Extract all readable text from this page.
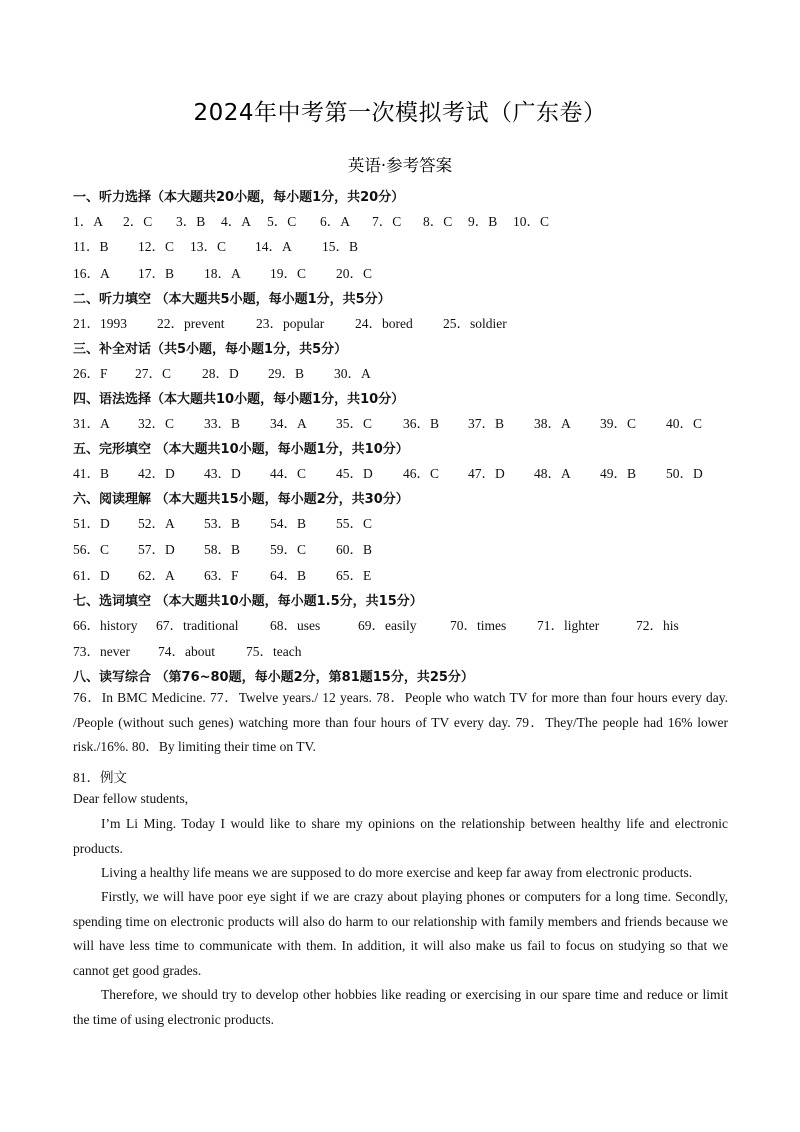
2024年中考第一次模拟考试（广东卷）
英语·参考答案
一、听力选择（本大题共20小题，每小题1分，共20分）
1．A 2．C 3．B 4．A 5．C 6．A 7．C 8．C 9．B 10．C
11．B 12．C 13．C 14．A 15．B
16．A 17．B 18．A 19．C 20．C
二、听力填空 （本大题共5小题，每小题1分，共5分）
21．1993 22．prevent 23．popular 24．bored 25．soldier
三、补全对话（共5小题，每小题1分，共5分）
26．F 27．C 28．D 29．B 30．A
四、语法选择（本大题共10小题，每小题1分，共10分）
31．A 32．C 33．B 34．A 35．C 36．B 37．B 38．A 39．C 40．C
五、完形填空 （本大题共10小题，每小题1分，共10分）
41．B 42．D 43．D 44．C 45．D 46．C 47．D 48．A 49．B 50．D
六、阅读理解 （本大题共15小题，每小题2分，共30分）
51．D 52．A 53．B 54．B 55．C
56．C 57．D 58．B 59．C 60．B
61．D 62．A 63．F 64．B 65．E
七、选词填空 （本大题共10小题，每小题1.5分，共15分）
66．history 67．traditional 68．uses	69．easily 70．times 71．lighter	72．his
73．never 74．about 75．teach
八、读写综合 （第76~80题，每小题2分，第81题15分，共25分）
76．In BMC Medicine. 77．Twelve years./ 12 years. 78．People who watch TV for more than four hours every day. /People (without such genes) watching more than four hours of TV every day. 79．They/The people had 16% lower risk./16%. 80．By limiting their time on TV.
81．例文
Dear fellow students,
I’m Li Ming. Today I would like to share my opinions on the relationship between healthy life and electronic products.
Living a healthy life means we are supposed to do more exercise and keep far away from electronic products.
Firstly, we will have poor eye sight if we are crazy about playing phones or computers for a long time. Secondly, spending time on electronic products will also do harm to our relationship with family members and friends because we will have less time to communicate with them. In addition, it will also make us fail to focus on studying so that we cannot get good grades.
Therefore, we should try to develop other hobbies like reading or exercising in our spare time and reduce or limit the time of using electronic products.
